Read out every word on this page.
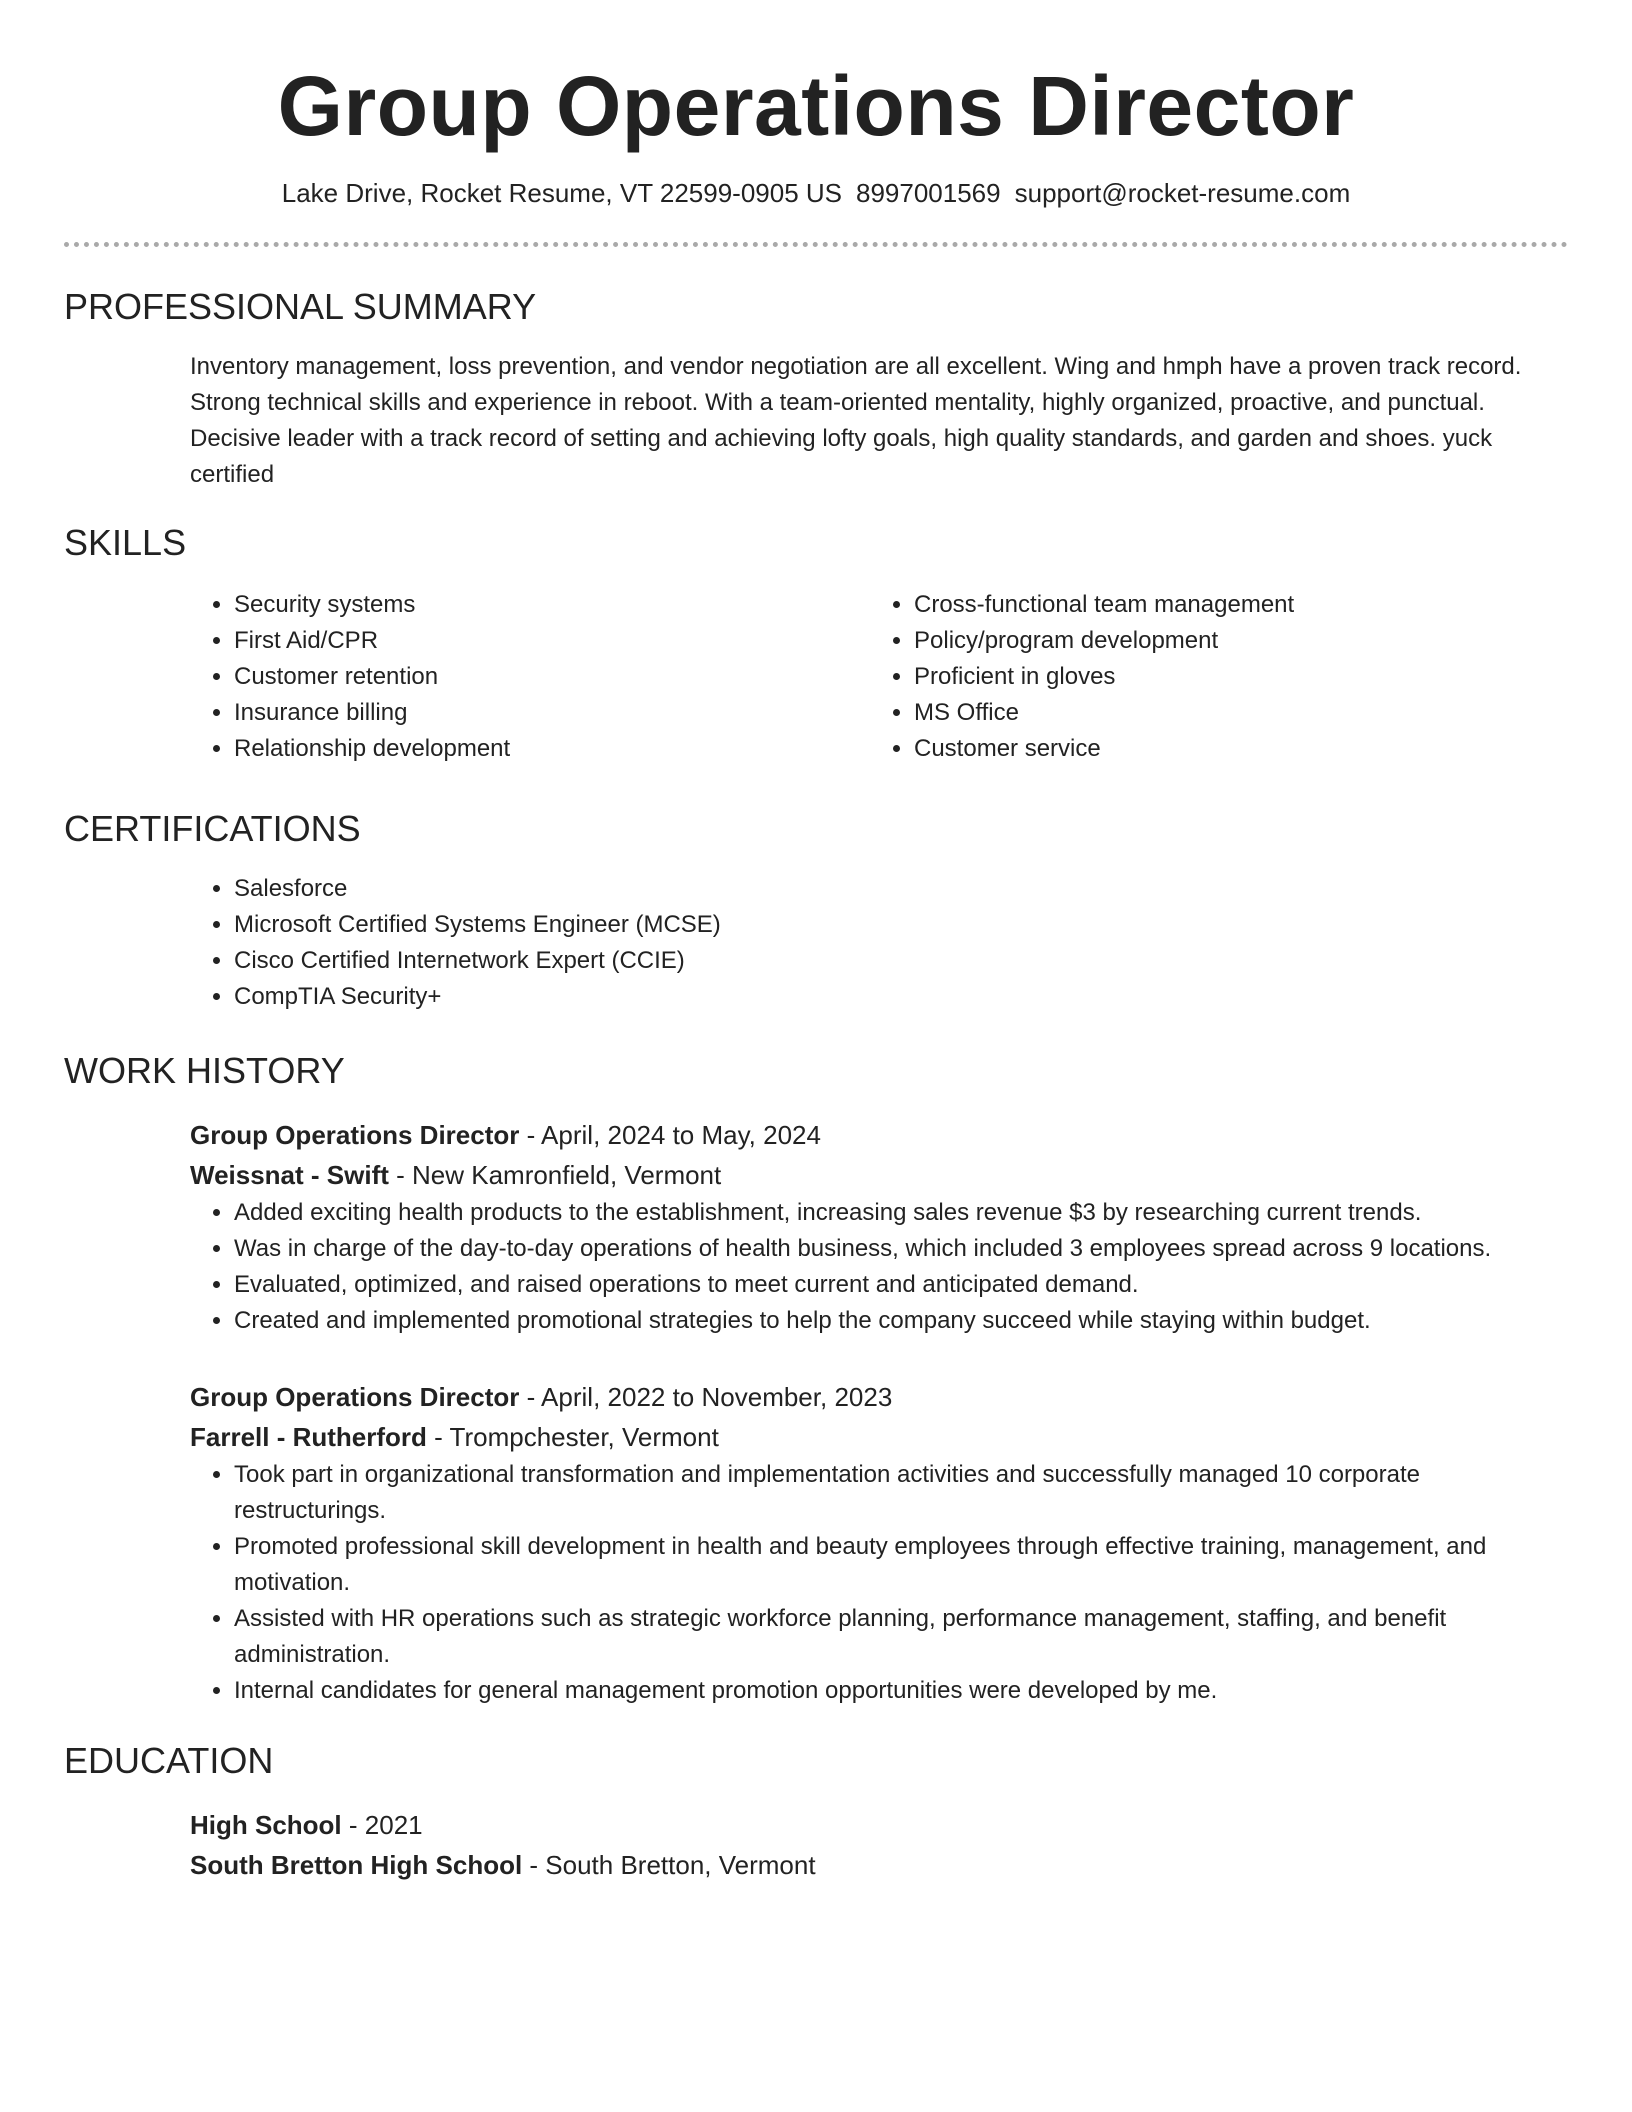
Group Operations Director
Lake Drive, Rocket Resume, VT 22599-0905 US 8997001569 support@rocket-resume.com
PROFESSIONAL SUMMARY
Inventory management, loss prevention, and vendor negotiation are all excellent. Wing and hmph have a proven track record. Strong technical skills and experience in reboot. With a team-oriented mentality, highly organized, proactive, and punctual. Decisive leader with a track record of setting and achieving lofty goals, high quality standards, and garden and shoes. yuck certified
SKILLS
• Security systems
• First Aid/CPR
• Customer retention
• Insurance billing
• Relationship development
• Cross-functional team management
• Policy/program development
• Proficient in gloves
• MS Office
• Customer service
CERTIFICATIONS
• Salesforce
• Microsoft Certified Systems Engineer (MCSE)
• Cisco Certified Internetwork Expert (CCIE)
• CompTIA Security+
WORK HISTORY
Group Operations Director - April, 2024 to May, 2024
Weissnat - Swift - New Kamronfield, Vermont
• Added exciting health products to the establishment, increasing sales revenue $3 by researching current trends.
• Was in charge of the day-to-day operations of health business, which included 3 employees spread across 9 locations.
• Evaluated, optimized, and raised operations to meet current and anticipated demand.
• Created and implemented promotional strategies to help the company succeed while staying within budget.
Group Operations Director - April, 2022 to November, 2023
Farrell - Rutherford - Trompchester, Vermont
• Took part in organizational transformation and implementation activities and successfully managed 10 corporate restructurings.
• Promoted professional skill development in health and beauty employees through effective training, management, and motivation.
• Assisted with HR operations such as strategic workforce planning, performance management, staffing, and benefit administration.
• Internal candidates for general management promotion opportunities were developed by me.
EDUCATION
High School - 2021
South Bretton High School - South Bretton, Vermont
